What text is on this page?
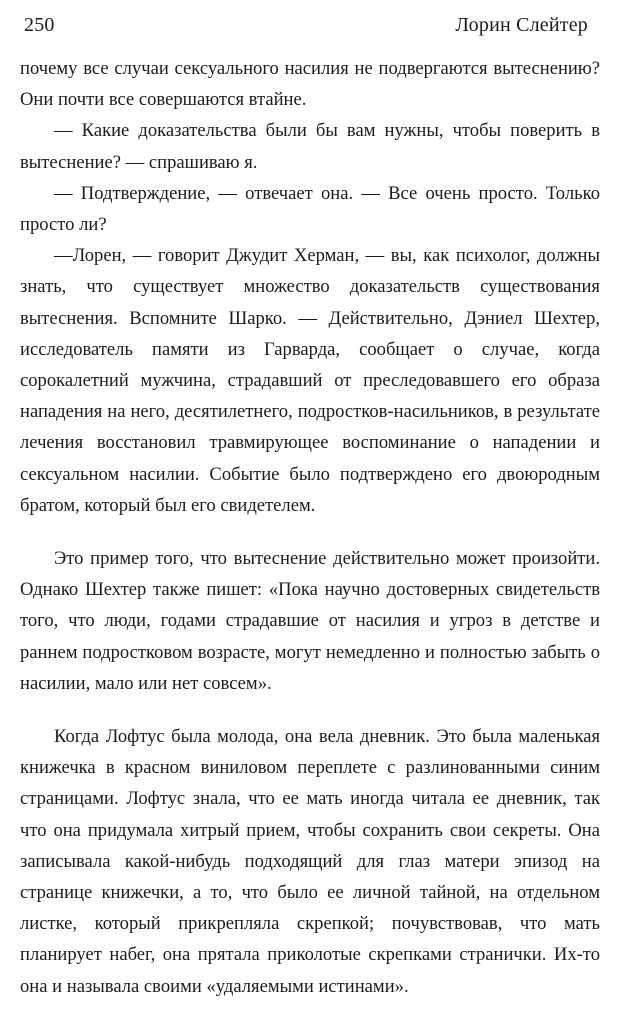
250	Лорин Слейтер

почему все случаи сексуального насилия не подвергаются вытеснению? Они почти все совершаются втайне.

— Какие доказательства были бы вам нужны, чтобы поверить в вытеснение? — спрашиваю я.

— Подтверждение, — отвечает она. — Все очень просто. Только просто ли?

—Лорен, — говорит Джудит Херман, — вы, как психолог, должны знать, что существует множество доказательств существования вытеснения. Вспомните Шарко. — Действительно, Дэниел Шехтер, исследователь памяти из Гарварда, сообщает о случае, когда сорокалетний мужчина, страдавший от преследовавшего его образа нападения на него, десятилетнего, подростков-насильников, в результате лечения восстановил травмирующее воспоминание о нападении и сексуальном насилии. Событие было подтверждено его двоюродным братом, который был его свидетелем.

Это пример того, что вытеснение действительно может произойти. Однако Шехтер также пишет: «Пока научно достоверных свидетельств того, что люди, годами страдавшие от насилия и угроз в детстве и раннем подростковом возрасте, могут немедленно и полностью забыть о насилии, мало или нет совсем».

Когда Лофтус была молода, она вела дневник. Это была маленькая книжечка в красном виниловом переплете с разлинованными синим страницами. Лофтус знала, что ее мать иногда читала ее дневник, так что она придумала хитрый прием, чтобы сохранить свои секреты. Она записывала какой-нибудь подходящий для глаз матери эпизод на странице книжечки, а то, что было ее личной тайной, на отдельном листке, который прикрепляла скрепкой; почувствовав, что мать планирует набег, она прятала приколотые скрепками странички. Их-то она и называла своими «удаляемыми истинами».
